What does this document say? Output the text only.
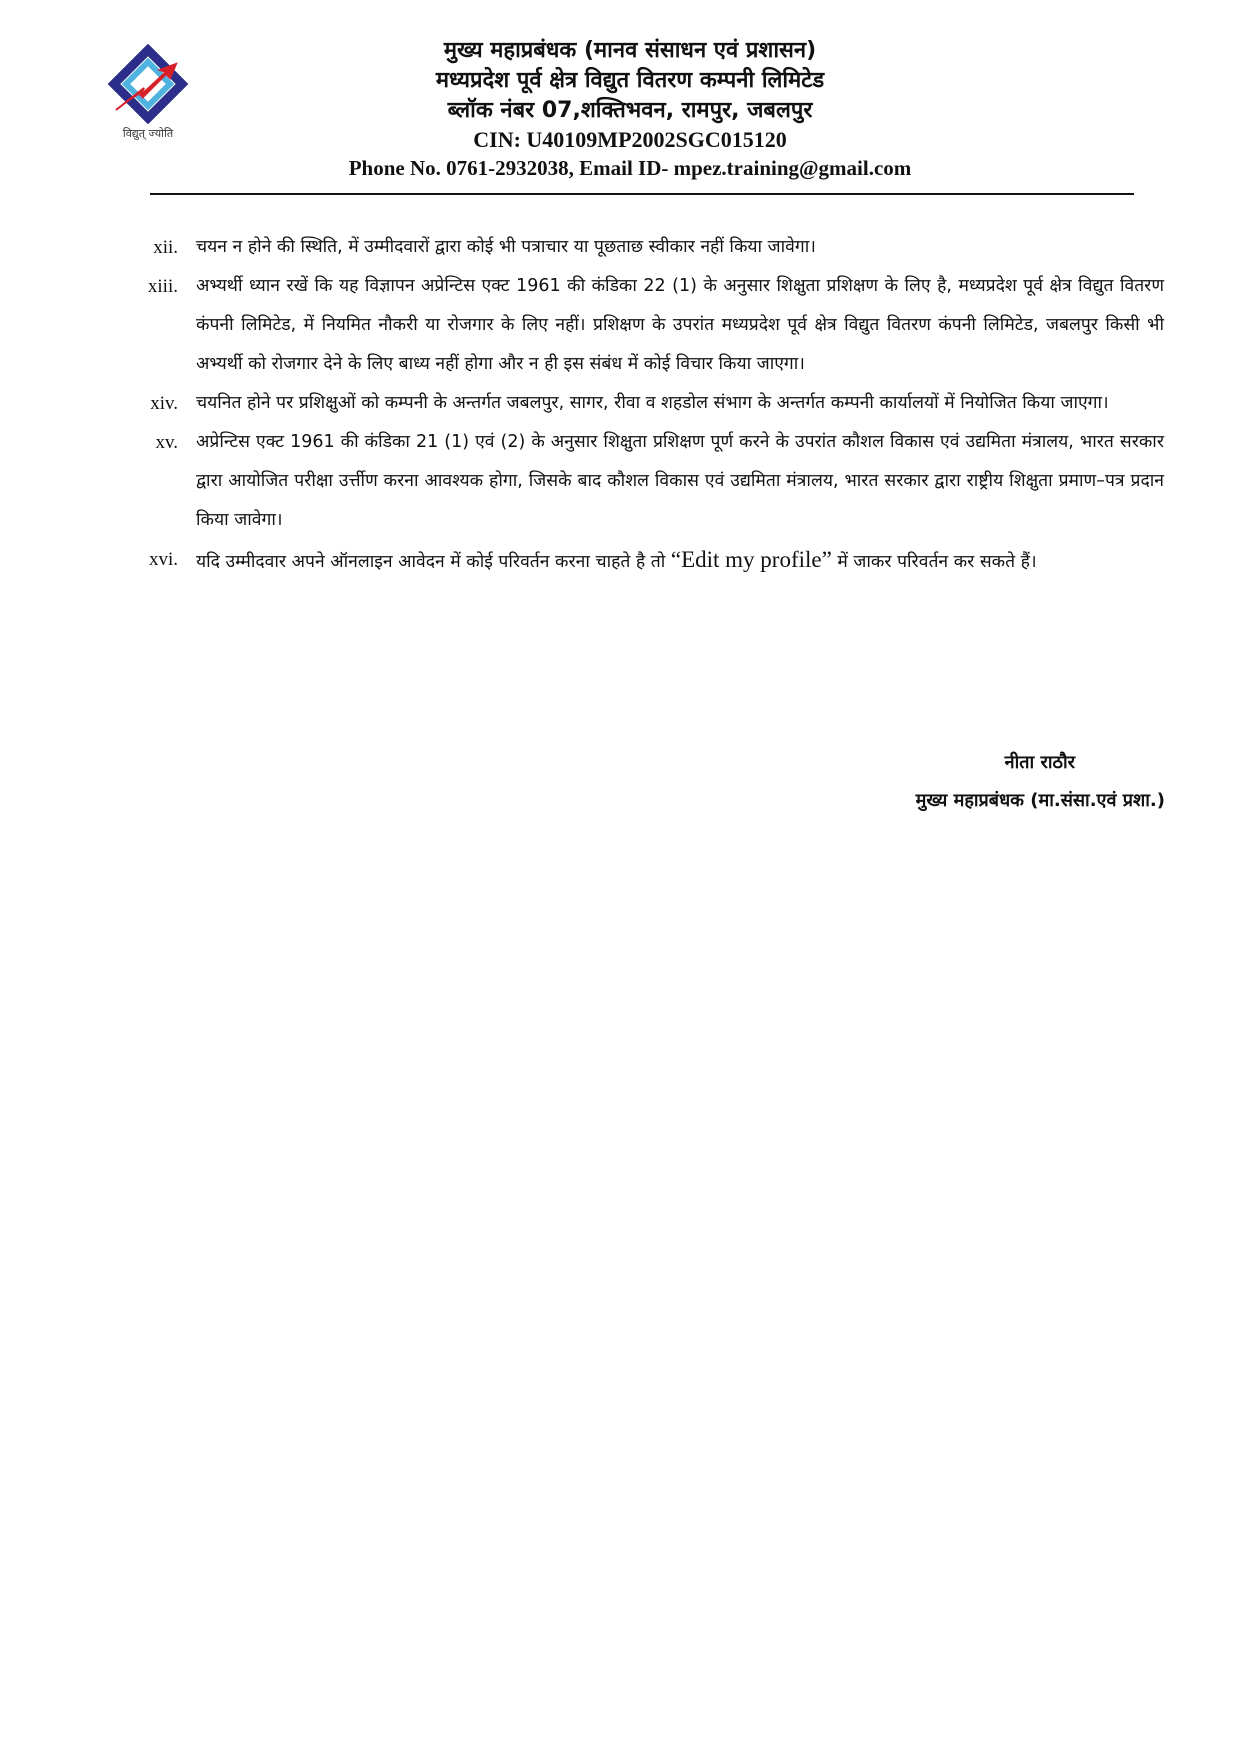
विद्युत् ज्योति
मुख्य महाप्रबंधक (मानव संसाधन एवं प्रशासन)
मध्यप्रदेश पूर्व क्षेत्र विद्युत वितरण कम्पनी लिमिटेड
ब्लॉक नंबर 07,शक्तिभवन, रामपुर, जबलपुर
CIN: U40109MP2002SGC015120
Phone No. 0761-2932038, Email ID- mpez.training@gmail.com
xii.	चयन न होने की स्थिति, में उम्मीदवारों द्वारा कोई भी पत्राचार या पूछताछ स्वीकार नहीं किया जावेगा।
xiii.	अभ्यर्थी ध्यान रखें कि यह विज्ञापन अप्रेन्टिस एक्ट 1961 की कंडिका 22 (1) के अनुसार शिक्षुता प्रशिक्षण के लिए है, मध्यप्रदेश पूर्व क्षेत्र विद्युत वितरण कंपनी लिमिटेड, में नियमित नौकरी या रोजगार के लिए नहीं। प्रशिक्षण के उपरांत मध्यप्रदेश पूर्व क्षेत्र विद्युत वितरण कंपनी लिमिटेड, जबलपुर किसी भी अभ्यर्थी को रोजगार देने के लिए बाध्य नहीं होगा और न ही इस संबंध में कोई विचार किया जाएगा।
xiv.	चयनित होने पर प्रशिक्षुओं को कम्पनी के अन्तर्गत जबलपुर, सागर, रीवा व शहडोल संभाग के अन्तर्गत कम्पनी कार्यालयों में नियोजित किया जाएगा।
xv.	अप्रेन्टिस एक्ट 1961 की कंडिका 21 (1) एवं (2) के अनुसार शिक्षुता प्रशिक्षण पूर्ण करने के उपरांत कौशल विकास एवं उद्यमिता मंत्रालय, भारत सरकार द्वारा आयोजित परीक्षा उर्त्तीण करना आवश्यक होगा, जिसके बाद कौशल विकास एवं उद्यमिता मंत्रालय, भारत सरकार द्वारा राष्ट्रीय शिक्षुता प्रमाण–पत्र प्रदान किया जावेगा।
xvi.	यदि उम्मीदवार अपने ऑनलाइन आवेदन में कोई परिवर्तन करना चाहते है तो “Edit my profile” में जाकर परिवर्तन कर सकते हैं।
नीता राठौर
मुख्य महाप्रबंधक (मा.संसा.एवं प्रशा.)
